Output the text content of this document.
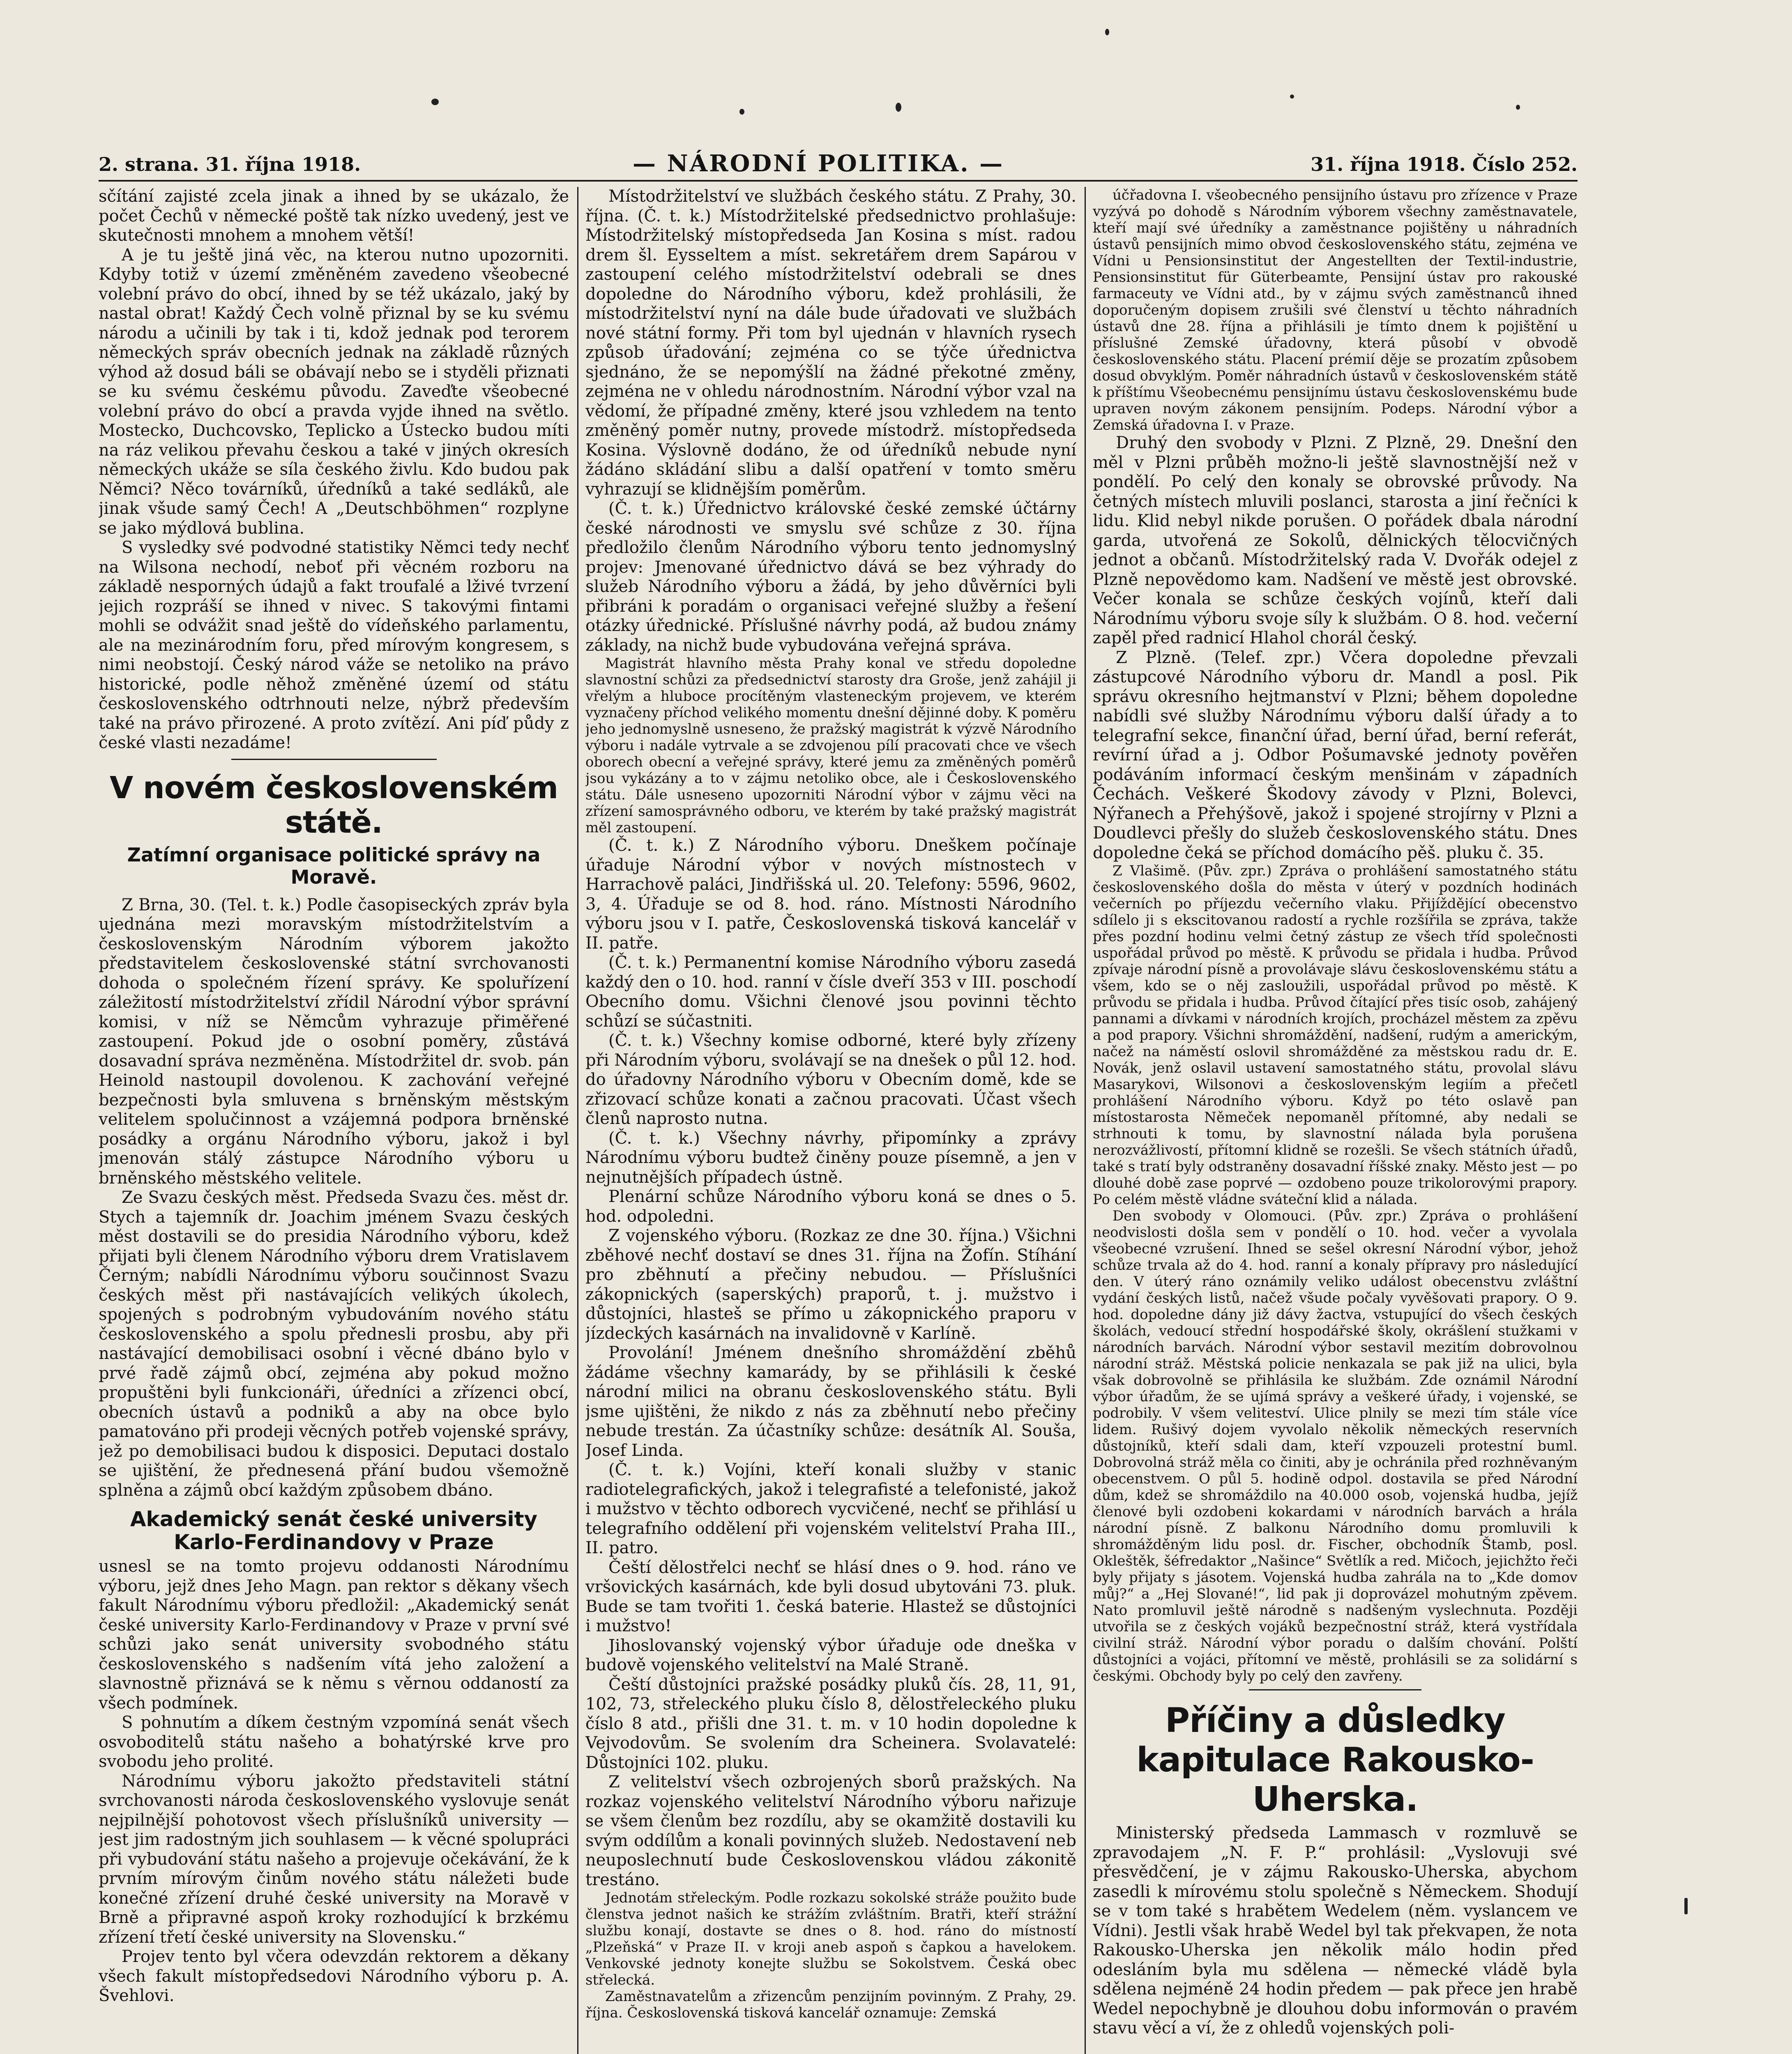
2. strana. 31. října 1918.	— NÁRODNÍ POLITIKA. —	31. října 1918. Číslo 252.

sčítání zajisté zcela jinak a ihned by se ukázalo, že počet Čechů v německé poště tak nízko uvedený, jest ve skutečnosti mnohem a mnohem větší!

A je tu ještě jiná věc, na kterou nutno upozorniti. Kdyby totiž v území změněném zavedeno všeobecné volební právo do obcí, ihned by se též ukázalo, jaký by nastal obrat! Každý Čech volně přiznal by se ku svému národu a učinili by tak i ti, kdož jednak pod terorem německých správ obecních jednak na základě různých výhod až dosud báli se obávají nebo se i styděli přiznati se ku svému českému původu. Zaveďte všeobecné volební právo do obcí a pravda vyjde ihned na světlo. Mostecko, Duchcovsko, Teplicko a Ústecko budou míti na ráz velikou převahu českou a také v jiných okresích německých ukáže se síla českého živlu. Kdo budou pak Němci? Něco továrníků, úředníků a také sedláků, ale jinak všude samý Čech! A „Deutschböhmen“ rozplyne se jako mýdlová bublina.

S vysledky své podvodné statistiky Němci tedy nechť na Wilsona nechodí, neboť při věcném rozboru na základě nesporných údajů a fakt troufalé a lživé tvrzení jejich rozpráší se ihned v nivec. S takovými fintami mohli se odvážit snad ještě do vídeňského parlamentu, ale na mezinárodním foru, před mírovým kongresem, s nimi neobstojí. Český národ váže se netoliko na právo historické, podle něhož změněné území od státu československého odtrhnouti nelze, nýbrž především také na právo přirozené. A proto zvítězí. Ani píď půdy z české vlasti nezadáme!

V novém československém státě.
Zatímní organisace politické správy na Moravě.

Z Brna, 30. (Tel. t. k.) Podle časopiseckých zpráv byla ujednána mezi moravským místodržitelstvím a československým Národním výborem jakožto představitelem československé státní svrchovanosti dohoda o společném řízení správy. Ke spoluřízení záležitostí místodržitelství zřídil Národní výbor správní komisi, v níž se Němcům vyhrazuje přiměřené zastoupení. Pokud jde o osobní poměry, zůstává dosavadní správa nezměněna. Místodržitel dr. svob. pán Heinold nastoupil dovolenou. K zachování veřejné bezpečnosti byla smluvena s brněnským městským velitelem spolučinnost a vzájemná podpora brněnské posádky a orgánu Národního výboru, jakož i byl jmenován stálý zástupce Národního výboru u brněnského městského velitele.

Ze Svazu českých měst. Předseda Svazu čes. měst dr. Stych a tajemník dr. Joachim jménem Svazu českých měst dostavili se do presidia Národního výboru, kdež přijati byli členem Národního výboru drem Vratislavem Černým; nabídli Národnímu výboru součinnost Svazu českých měst při nastávajících velikých úkolech, spojených s podrobným vybudováním nového státu československého a spolu přednesli prosbu, aby při nastávající demobilisaci osobní i věcné dbáno bylo v prvé řadě zájmů obcí, zejména aby pokud možno propuštěni byli funkcionáři, úředníci a zřízenci obcí, obecních ústavů a podniků a aby na obce bylo pamatováno při prodeji věcných potřeb vojenské správy, jež po demobilisaci budou k disposici. Deputaci dostalo se ujištění, že přednesená přání budou všemožně splněna a zájmů obcí každým způsobem dbáno.

Akademický senát české university Karlo-Ferdinandovy v Praze

usnesl se na tomto projevu oddanosti Národnímu výboru, jejž dnes Jeho Magn. pan rektor s děkany všech fakult Národnímu výboru předložil: „Akademický senát české university Karlo-Ferdinandovy v Praze v první své schůzi jako senát university svobodného státu československého s nadšením vítá jeho založení a slavnostně přiznává se k němu s věrnou oddaností za všech podmínek.

S pohnutím a díkem čestným vzpomíná senát všech osvoboditelů státu našeho a bohatýrské krve pro svobodu jeho prolité.

Národnímu výboru jakožto představiteli státní svrchovanosti národa československého vyslovuje senát nejpilnější pohotovost všech příslušníků university — jest jim radostným jich souhlasem — k věcné spolupráci při vybudování státu našeho a projevuje očekávání, že k prvním mírovým činům nového státu náležeti bude konečné zřízení druhé české university na Moravě v Brně a připravné aspoň kroky rozhodující k brzkému zřízení třetí české university na Slovensku.“

Projev tento byl včera odevzdán rektorem a děkany všech fakult místopředsedovi Národního výboru p. A. Švehlovi.

Místodržitelství ve službách českého státu. Z Prahy, 30. října. (Č. t. k.) Místodržitelské předsednictvo prohlašuje: Místodržitelský místopředseda Jan Kosina s míst. radou drem šl. Eysseltem a míst. sekretářem drem Sapárou v zastoupení celého místodržitelství odebrali se dnes dopoledne do Národního výboru, kdež prohlásili, že místodržitelství nyní na dále bude úřadovati ve službách nové státní formy. Při tom byl ujednán v hlavních rysech způsob úřadování; zejména co se týče úřednictva sjednáno, že se nepomýšlí na žádné překotné změny, zejména ne v ohledu národnostním. Národní výbor vzal na vědomí, že případné změny, které jsou vzhledem na tento změněný poměr nutny, provede místodrž. místopředseda Kosina. Výslovně dodáno, že od úředníků nebude nyní žádáno skládání slibu a další opatření v tomto směru vyhrazují se klidnějším poměrům.

(Č. t. k.) Úřednictvo královské české zemské účtárny české národnosti ve smyslu své schůze z 30. října předložilo členům Národního výboru tento jednomyslný projev: Jmenované úřednictvo dává se bez výhrady do služeb Národního výboru a žádá, by jeho důvěrníci byli přibráni k poradám o organisaci veřejné služby a řešení otázky úřednické. Příslušné návrhy podá, až budou známy základy, na nichž bude vybudována veřejná správa.

Magistrát hlavního města Prahy konal ve středu dopoledne slavnostní schůzi za předsednictví starosty dra Groše, jenž zahájil ji vřelým a hluboce procítěným vlasteneckým projevem, ve kterém vyznačeny příchod velikého momentu dnešní dějinné doby. K poměru jeho jednomyslně usneseno, že pražský magistrát k výzvě Národního výboru i nadále vytrvale a se zdvojenou pílí pracovati chce ve všech oborech obecní a veřejné správy, které jemu za změněných poměrů jsou vykázány a to v zájmu netoliko obce, ale i Československého státu. Dále usneseno upozorniti Národní výbor v zájmu věci na zřízení samosprávného odboru, ve kterém by také pražský magistrát měl zastoupení.

(Č. t. k.) Z Národního výboru. Dneškem počínaje úřaduje Národní výbor v nových místnostech v Harrachově paláci, Jindřišská ul. 20. Telefony: 5596, 9602, 3, 4. Úřaduje se od 8. hod. ráno. Místnosti Národního výboru jsou v I. patře, Československá tisková kancelář v II. patře.

(Č. t. k.) Permanentní komise Národního výboru zasedá každý den o 10. hod. ranní v čísle dveří 353 v III. poschodí Obecního domu. Všichni členové jsou povinni těchto schůzí se súčastniti.

(Č. t. k.) Všechny komise odborné, které byly zřízeny při Národním výboru, svolávají se na dnešek o půl 12. hod. do úřadovny Národního výboru v Obecním domě, kde se zřizovací schůze konati a začnou pracovati. Účast všech členů naprosto nutna.

(Č. t. k.) Všechny návrhy, připomínky a zprávy Národnímu výboru budtež činěny pouze písemně, a jen v nejnutnějších případech ústně.

Plenární schůze Národního výboru koná se dnes o 5. hod. odpoledni.

Z vojenského výboru. (Rozkaz ze dne 30. října.) Všichni zběhové nechť dostaví se dnes 31. října na Žofín. Stíhání pro zběhnutí a přečiny nebudou. — Příslušníci zákopnických (saperských) praporů, t. j. mužstvo i důstojníci, hlasteš se přímo u zákopnického praporu v jízdeckých kasárnách na invalidovně v Karlíně.

Provolání! Jménem dnešního shromáždění zběhů žádáme všechny kamarády, by se přihlásili k české národní milici na obranu československého státu. Byli jsme ujištěni, že nikdo z nás za zběhnutí nebo přečiny nebude trestán. Za účastníky schůze: desátník Al. Souša, Josef Linda.

(Č. t. k.) Vojíni, kteří konali služby v stanic radiotelegrafických, jakož i telegrafisté a telefonisté, jakož i mužstvo v těchto odborech vycvičené, nechť se přihlásí u telegrafního oddělení při vojenském velitelství Praha III., II. patro.

Čeští dělostřelci nechť se hlásí dnes o 9. hod. ráno ve vršovických kasárnách, kde byli dosud ubytováni 73. pluk. Bude se tam tvořiti 1. česká baterie. Hlastež se důstojníci i mužstvo!

Jihoslovanský vojenský výbor úřaduje ode dneška v budově vojenského velitelství na Malé Straně.

Čeští důstojníci pražské posádky pluků čís. 28, 11, 91, 102, 73, střeleckého pluku číslo 8, dělostřeleckého pluku číslo 8 atd., přišli dne 31. t. m. v 10 hodin dopoledne k Vejvodovům. Se svolením dra Scheinera. Svolavatelé: Důstojníci 102. pluku.

Z velitelství všech ozbrojených sborů pražských. Na rozkaz vojenského velitelství Národního výboru nařizuje se všem členům bez rozdílu, aby se okamžitě dostavili ku svým oddílům a konali povinných služeb. Nedostavení neb neuposlechnutí bude Československou vládou zákonitě trestáno.

Jednotám střeleckým. Podle rozkazu sokolské stráže použito bude členstva jednot našich ke strážím zvláštním. Bratři, kteří strážní službu konají, dostavte se dnes o 8. hod. ráno do místností „Plzeňská“ v Praze II. v kroji aneb aspoň s čapkou a havelokem. Venkovské jednoty konejte službu se Sokolstvem. Česká obec střelecká.

Zaměstnavatelům a zřizencům penzijním povinným. Z Prahy, 29. října. Československá tisková kancelář oznamuje: Zemská

účřadovna I. všeobecného pensijního ústavu pro zřízence v Praze vyzývá po dohodě s Národním výborem všechny zaměstnavatele, kteří mají své úředníky a zaměstnance pojištěny u náhradních ústavů pensijních mimo obvod československého státu, zejména ve Vídni u Pensionsinstitut der Angestellten der Textil-industrie, Pensionsinstitut für Güterbeamte, Pensijní ústav pro rakouské farmaceuty ve Vídni atd., by v zájmu svých zaměstnanců ihned doporučeným dopisem zrušili své členství u těchto náhradních ústavů dne 28. října a přihlásili je tímto dnem k pojištění u příslušné Zemské úřadovny, která působí v obvodě československého státu. Placení prémií děje se prozatím způsobem dosud obvyklým. Poměr náhradních ústavů v československém státě k příštímu Všeobecnému pensijnímu ústavu československému bude upraven novým zákonem pensijním. Podeps. Národní výbor a Zemská úřadovna I. v Praze.

Druhý den svobody v Plzni. Z Plzně, 29. Dnešní den měl v Plzni průběh možno-li ještě slavnostnější než v pondělí. Po celý den konaly se obrovské průvody. Na četných místech mluvili poslanci, starosta a jiní řečníci k lidu. Klid nebyl nikde porušen. O pořádek dbala národní garda, utvořená ze Sokolů, dělnických tělocvičných jednot a občanů. Místodržitelský rada V. Dvořák odejel z Plzně nepovědomo kam. Nadšení ve městě jest obrovské. Večer konala se schůze českých vojínů, kteří dali Národnímu výboru svoje síly k službám. O 8. hod. večerní zapěl před radnicí Hlahol chorál český.

Z Plzně. (Telef. zpr.) Včera dopoledne převzali zástupcové Národního výboru dr. Mandl a posl. Pik správu okresního hejtmanství v Plzni; během dopoledne nabídli své služby Národnímu výboru další úřady a to telegrafní sekce, finanční úřad, berní úřad, berní referát, revírní úřad a j. Odbor Pošumavské jednoty pověřen podáváním informací českým menšinám v západních Čechách. Veškeré Škodovy závody v Plzni, Bolevci, Nýřanech a Přehýšově, jakož i spojené strojírny v Plzni a Doudlevci přešly do služeb československého státu. Dnes dopoledne čeká se příchod domácího pěš. pluku č. 35.

Z Vlašimě. (Pův. zpr.) Zpráva o prohlášení samostatného státu československého došla do města v úterý v pozdních hodinách večerních po příjezdu večerního vlaku. Přijíždějící obecenstvo sdílelo ji s ekscitovanou radostí a rychle rozšířila se zpráva, takže přes pozdní hodinu velmi četný zástup ze všech tříd společnosti uspořádal průvod po městě. K průvodu se přidala i hudba. Průvod zpívaje národní písně a provolávaje slávu československému státu a všem, kdo se o něj zasloužili, uspořádal průvod po městě. K průvodu se přidala i hudba. Průvod čítající přes tisíc osob, zahájený pannami a dívkami v národních krojích, procházel městem za zpěvu a pod prapory. Všichni shromáždění, nadšení, rudým a americkým, načež na náměstí oslovil shromážděné za městskou radu dr. E. Novák, jenž oslavil ustavení samostatného státu, provolal slávu Masarykovi, Wilsonovi a československým legiím a přečetl prohlášení Národního výboru. Když po této oslavě pan místostarosta Němeček nepomaněl přítomné, aby nedali se strhnouti k tomu, by slavnostní nálada byla porušena nerozvážlivostí, přítomní klidně se rozešli. Se všech státních úřadů, také s tratí byly odstraněny dosavadní říšské znaky. Město jest — po dlouhé době zase poprvé — ozdobeno pouze trikolorovými prapory. Po celém městě vládne sváteční klid a nálada.

Den svobody v Olomouci. (Pův. zpr.) Zpráva o prohlášení neodvislosti došla sem v pondělí o 10. hod. večer a vyvolala všeobecné vzrušení. Ihned se sešel okresní Národní výbor, jehož schůze trvala až do 4. hod. ranní a konaly přípravy pro následující den. V úterý ráno oznámily veliko událost obecenstvu zvláštní vydání českých listů, načež všude počaly vyvěšovati prapory. O 9. hod. dopoledne dány již dávy žactva, vstupující do všech českých školách, vedoucí střední hospodářské školy, okrášlení stužkami v národních barvách. Národní výbor sestavil mezitím dobrovolnou národní stráž. Městská policie nenkazala se pak již na ulici, byla však dobrovolně se přihlásila ke službám. Zde oznámil Národní výbor úřadům, že se ujímá správy a veškeré úřady, i vojenské, se podrobily. V všem veliteství. Ulice plnily se mezi tím stále více lidem. Rušivý dojem vyvolalo několik německých reservních důstojníků, kteří sdali dam, kteří vzpouzeli protestní buml. Dobrovolná stráž měla co činiti, aby je ochránila před rozhněvaným obecenstvem. O půl 5. hodině odpol. dostavila se před Národní dům, kdež se shromáždilo na 40.000 osob, vojenská hudba, jejíž členové byli ozdobeni kokardami v národních barvách a hrála národní písně. Z balkonu Národního domu promluvili k shromážděným lidu posl. dr. Fischer, obchodník Štamb, posl. Okleštěk, šéfredaktor „Našince“ Světlík a red. Mičoch, jejichžto řeči byly přijaty s jásotem. Vojenská hudba zahrála na to „Kde domov můj?“ a „Hej Slované!“, lid pak ji doprovázel mohutným zpěvem. Nato promluvil ještě národně s nadšeným vyslechnuta. Později utvořila se z českých vojáků bezpečnostní stráž, která vystřídala civilní stráž. Národní výbor poradu o dalším chování. Polští důstojníci a vojáci, přítomní ve městě, prohlásili se za solidární s českými. Obchody byly po celý den zavřeny.

Příčiny a důsledky kapitulace Rakousko-Uherska.

Ministerský předseda Lammasch v rozmluvě se zpravodajem „N. F. P.“ prohlásil: „Vyslovuji své přesvědčení, je v zájmu Rakousko-Uherska, abychom zasedli k mírovému stolu společně s Německem. Shodují se v tom také s hrabětem Wedelem (něm. vyslancem ve Vídni). Jestli však hrabě Wedel byl tak překvapen, že nota Rakousko-Uherska jen několik málo hodin před odesláním byla mu sdělena — německé vládě byla sdělena nejméně 24 hodin předem — pak přece jen hrabě Wedel nepochybně je dlouhou dobu informován o pravém stavu věcí a ví, že z ohledů vojenských poli-
